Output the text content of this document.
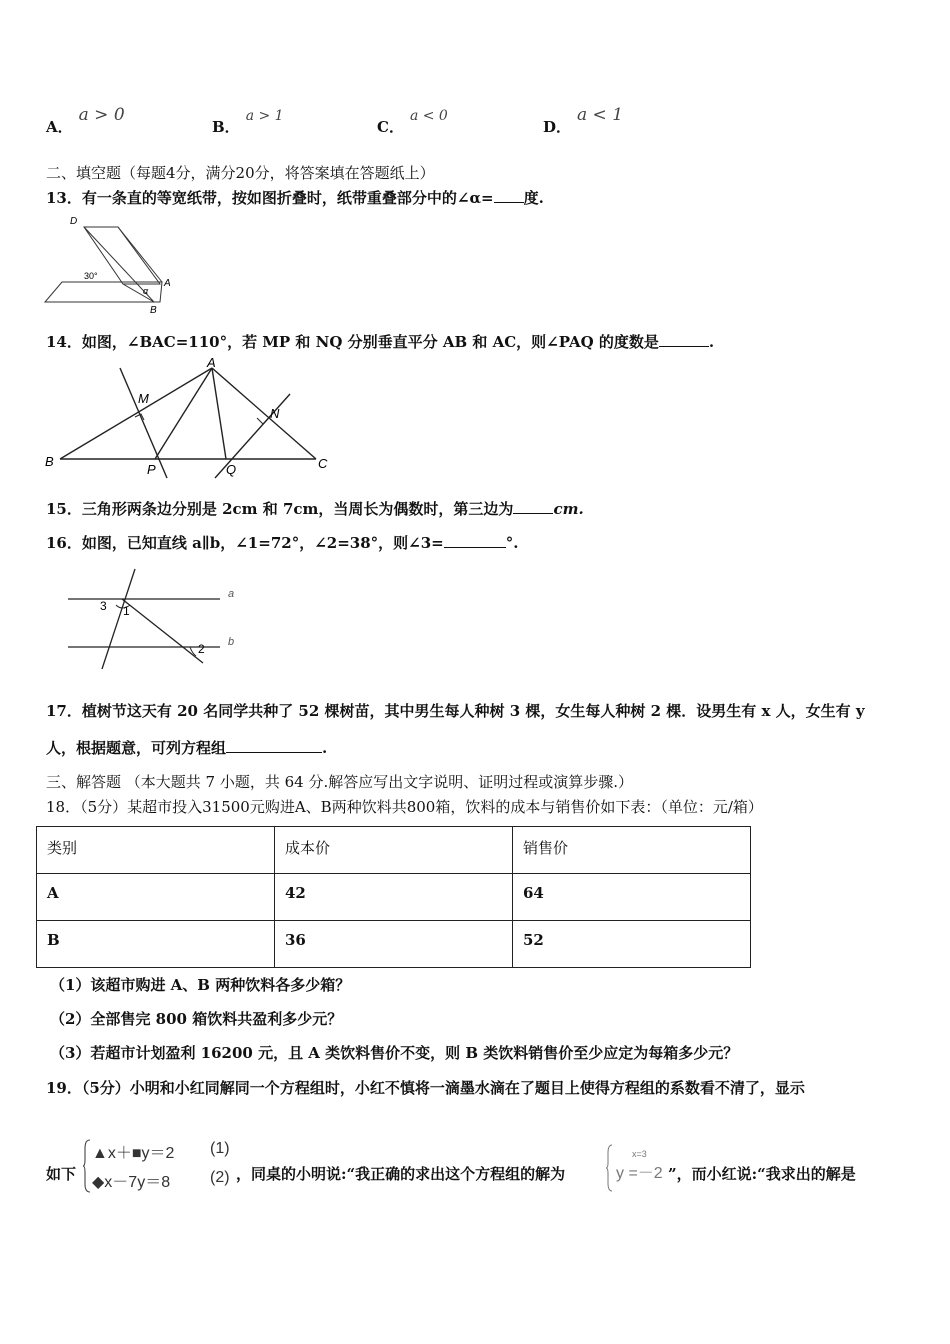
A．a > 0
B．a > 1
C．a < 0
D．a < 1
二、填空题（每题4分，满分20分，将答案填在答题纸上）
13．有一条直的等宽纸带，按如图折叠时，纸带重叠部分中的∠α= 度.
D
30°
α
A
B
14．如图，∠BAC=110°，若 MP 和 NQ 分别垂直平分 AB 和 AC，则∠PAQ 的度数是	.
A
B	C
M
N
P	Q
15．三角形两条边分别是 2cm 和 7cm，当周长为偶数时，第三边为	cm.
16．如图，已知直线 a∥b，∠1=72°，∠2=38°，则∠3=	°.
a
b
1
2
3
17．植树节这天有 20 名同学共种了 52 棵树苗，其中男生每人种树 3 棵，女生每人种树 2 棵．设男生有 x 人，女生有 y
人，根据题意，可列方程组	.
三、解答题 （本大题共 7 小题，共 64 分.解答应写出文字说明、证明过程或演算步骤.）
18．（5分）某超市投入31500元购进A、B两种饮料共800箱，饮料的成本与销售价如下表：（单位：元/箱）
类别	成本价	销售价

A	42	64

B	36	52
（1）该超市购进 A、B 两种饮料各多少箱？
（2）全部售完 800 箱饮料共盈利多少元？
（3）若超市计划盈利 16200 元，且 A 类饮料售价不变，则 B 类饮料销售价至少应定为每箱多少元？
19．（5分）小明和小红同解同一个方程组时，小红不慎将一滴墨水滴在了题目上使得方程组的系数看不清了，显示
如下
▲x＋■y＝2 (1)
◆x－7y＝8 (2) ，同桌的小明说:“我正确的求出这个方程组的解为
x=3
y =－2 ”，而小红说:“我求出的解是
